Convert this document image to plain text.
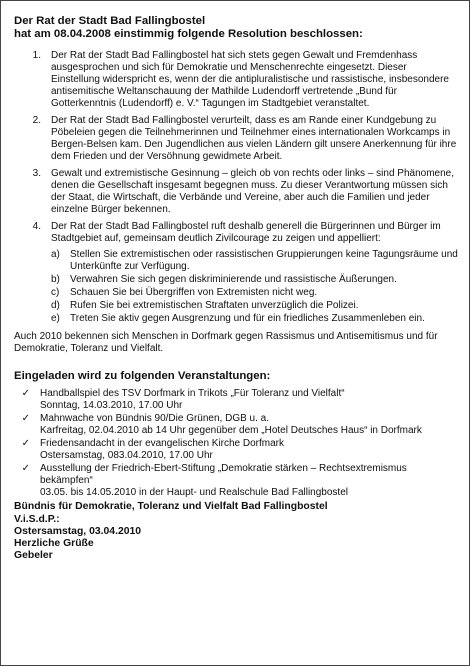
Der Rat der Stadt Bad Fallingbostel
hat am 08.04.2008 einstimmig folgende Resolution beschlossen:
1.	Der Rat der Stadt Bad Fallingbostel hat sich stets gegen Gewalt und Fremdenhass ausgesprochen und sich für Demokratie und Menschenrechte eingesetzt. Dieser Einstellung widerspricht es, wenn der die antipluralistische und rassistische, insbesondere antisemitische Weltanschauung der Mathilde Ludendorff vertretende „Bund für Gotterkenntnis (Ludendorff) e. V.“ Tagungen im Stadtgebiet veranstaltet.
2.	Der Rat der Stadt Bad Fallingbostel verurteilt, dass es am Rande einer Kundgebung zu Pöbeleien gegen die Teilnehmerinnen und Teilnehmer eines internationalen Workcamps in Bergen-Belsen kam. Den Jugendlichen aus vielen Ländern gilt unsere Anerkennung für ihre dem Frieden und der Versöhnung gewidmete Arbeit.
3.	Gewalt und extremistische Gesinnung – gleich ob von rechts oder links – sind Phänomene, denen die Gesellschaft insgesamt begegnen muss. Zu dieser Verantwortung müssen sich der Staat, die Wirtschaft, die Verbände und Vereine, aber auch die Familien und jeder einzelne Bürger bekennen.
4.	Der Rat der Stadt Bad Fallingbostel ruft deshalb generell die Bürgerinnen und Bürger im Stadtgebiet auf, gemeinsam deutlich Zivilcourage zu zeigen und appelliert:
a)	Stellen Sie extremistischen oder rassistischen Gruppierungen keine Tagungsräume und Unterkünfte zur Verfügung.
b)	Verwahren Sie sich gegen diskriminierende und rassistische Äußerungen.
c)	Schauen Sie bei Übergriffen von Extremisten nicht weg.
d)	Rufen Sie bei extremistischen Straftaten unverzüglich die Polizei.
e)	Treten Sie aktiv gegen Ausgrenzung und für ein friedliches Zusammenleben ein.
Auch 2010 bekennen sich Menschen in Dorfmark gegen Rassismus und Antisemitismus und für Demokratie, Toleranz und Vielfalt.
Eingeladen wird zu folgenden Veranstaltungen:
✓	Handballspiel des TSV Dorfmark in Trikots „Für Toleranz und Vielfalt“
Sonntag, 14.03.2010, 17.00 Uhr
✓	Mahnwache von Bündnis 90/Die Grünen, DGB u. a.
Karfreitag, 02.04.2010 ab 14 Uhr gegenüber dem „Hotel Deutsches Haus“ in Dorfmark
✓	Friedensandacht in der evangelischen Kirche Dorfmark
Ostersamstag, 083.04.2010, 17.00 Uhr
✓	Ausstellung der Friedrich-Ebert-Stiftung „Demokratie stärken – Rechtsextremismus bekämpfen“
03.05. bis 14.05.2010 in der Haupt- und Realschule Bad Fallingbostel
Bündnis für Demokratie, Toleranz und Vielfalt Bad Fallingbostel
V.i.S.d.P.:
Ostersamstag, 03.04.2010
Herzliche Grüße
Gebeler
